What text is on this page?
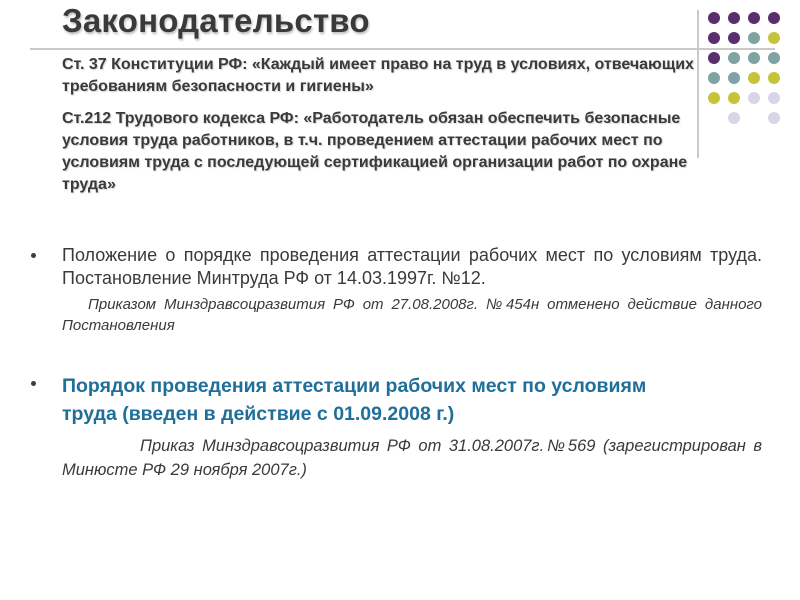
Законодательство
Ст. 37 Конституции РФ: «Каждый имеет право на труд в условиях, отвечающих требованиям безопасности и гигиены»
Ст.212 Трудового кодекса РФ: «Работодатель обязан обеспечить безопасные условия труда работников, в т.ч. проведением аттестации рабочих мест по условиям труда с последующей сертификацией организации работ по охране труда»
Положение о порядке проведения аттестации рабочих мест по условиям труда. Постановление Минтруда РФ от 14.03.1997г. №12.
Приказом Минздравсоцразвития РФ от 27.08.2008г. №454н отменено действие данного Постановления
Порядок проведения аттестации рабочих мест по условиям труда (введен в действие с 01.09.2008 г.)
Приказ Минздравсоцразвития РФ от 31.08.2007г.№569 (зарегистрирован в Минюсте РФ 29 ноября 2007г.)
